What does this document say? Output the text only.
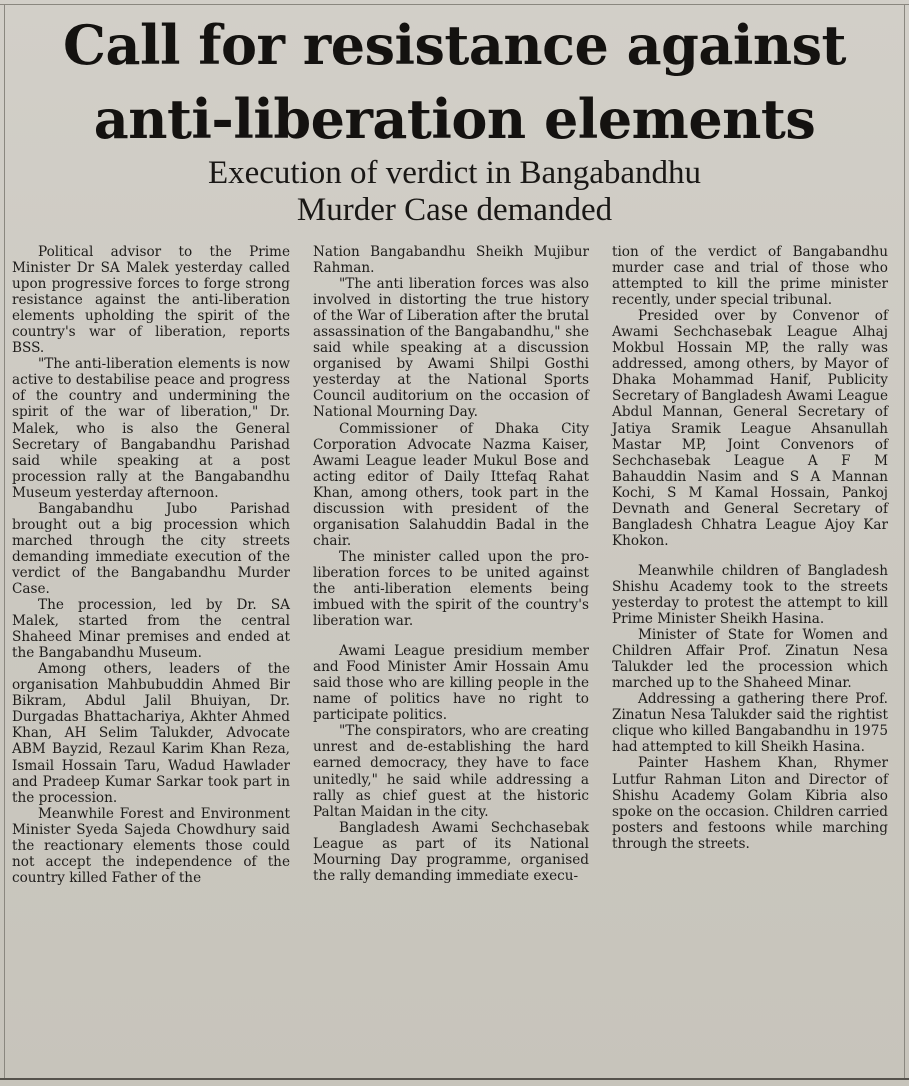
Call for resistance against
anti-liberation elements
Execution of verdict in Bangabandhu
Murder Case demanded

Political advisor to the Prime Minister Dr SA Malek yesterday called upon progressive forces to forge strong resistance against the anti-liberation elements upholding the spirit of the country's war of liberation, reports BSS.

"The anti-liberation elements is now active to destabilise peace and progress of the country and undermining the spirit of the war of liberation," Dr. Malek, who is also the General Secretary of Bangabandhu Parishad said while speaking at a post procession rally at the Bangabandhu Museum yesterday afternoon.

Bangabandhu Jubo Parishad brought out a big procession which marched through the city streets demanding immediate execution of the verdict of the Bangabandhu Murder Case.

The procession, led by Dr. SA Malek, started from the central Shaheed Minar premises and ended at the Bangabandhu Museum.

Among others, leaders of the organisation Mahbubuddin Ahmed Bir Bikram, Abdul Jalil Bhuiyan, Dr. Durgadas Bhattachariya, Akhter Ahmed Khan, AH Selim Talukder, Advocate ABM Bayzid, Rezaul Karim Khan Reza, Ismail Hossain Taru, Wadud Hawlader and Pradeep Kumar Sarkar took part in the procession.

Meanwhile Forest and Environment Minister Syeda Sajeda Chowdhury said the reactionary elements those could not accept the independence of the country killed Father of the

Nation Bangabandhu Sheikh Mujibur Rahman.

"The anti liberation forces was also involved in distorting the true history of the War of Liberation after the brutal assassination of the Bangabandhu," she said while speaking at a discussion organised by Awami Shilpi Gosthi yesterday at the National Sports Council auditorium on the occasion of National Mourning Day.

Commissioner of Dhaka City Corporation Advocate Nazma Kaiser, Awami League leader Mukul Bose and acting editor of Daily Ittefaq Rahat Khan, among others, took part in the discussion with president of the organisation Salahuddin Badal in the chair.

The minister called upon the pro-liberation forces to be united against the anti-liberation elements being imbued with the spirit of the country's liberation war.

Awami League presidium member and Food Minister Amir Hossain Amu said those who are killing people in the name of politics have no right to participate politics.

"The conspirators, who are creating unrest and de-establishing the hard earned democracy, they have to face unitedly," he said while addressing a rally as chief guest at the historic Paltan Maidan in the city.

Bangladesh Awami Sechchasebak League as part of its National Mourning Day programme, organised the rally demanding immediate execu-

tion of the verdict of Bangabandhu murder case and trial of those who attempted to kill the prime minister recently, under special tribunal.

Presided over by Convenor of Awami Sechchasebak League Alhaj Mokbul Hossain MP, the rally was addressed, among others, by Mayor of Dhaka Mohammad Hanif, Publicity Secretary of Bangladesh Awami League Abdul Mannan, General Secretary of Jatiya Sramik League Ahsanullah Mastar MP, Joint Convenors of Sechchasebak League A F M Bahauddin Nasim and S A Mannan Kochi, S M Kamal Hossain, Pankoj Devnath and General Secretary of Bangladesh Chhatra League Ajoy Kar Khokon.

Meanwhile children of Bangladesh Shishu Academy took to the streets yesterday to protest the attempt to kill Prime Minister Sheikh Hasina.

Minister of State for Women and Children Affair Prof. Zinatun Nesa Talukder led the procession which marched up to the Shaheed Minar.

Addressing a gathering there Prof. Zinatun Nesa Talukder said the rightist clique who killed Bangabandhu in 1975 had attempted to kill Sheikh Hasina.

Painter Hashem Khan, Rhymer Lutfur Rahman Liton and Director of Shishu Academy Golam Kibria also spoke on the occasion. Children carried posters and festoons while marching through the streets.
